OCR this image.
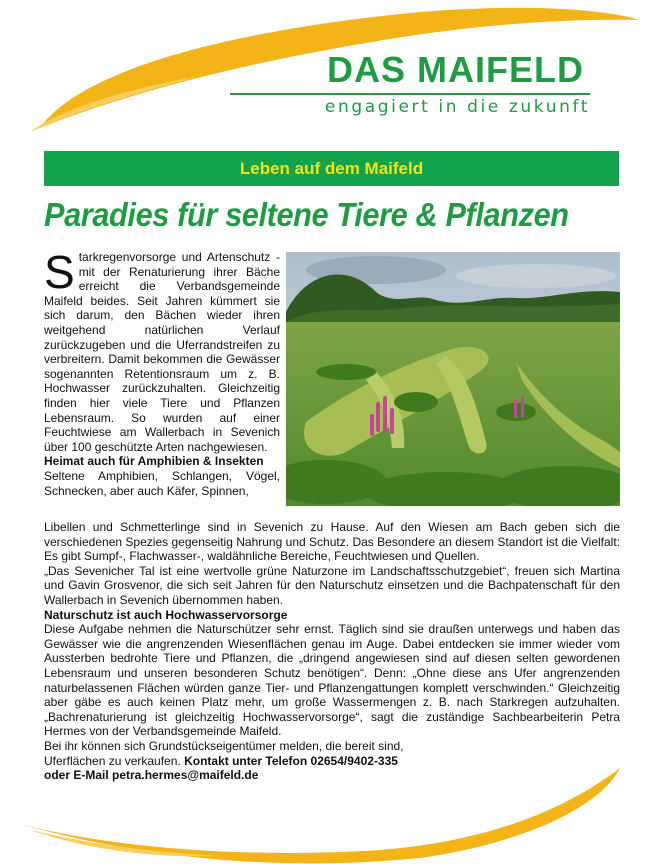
DAS MAIFELD
engagiert in die zukunft
Leben auf dem Maifeld
Paradies für seltene Tiere & Pflanzen
S tarkregenvorsorge und Artenschutz - mit der Renaturierung ihrer Bäche erreicht die Verbandsgemeinde Maifeld beides. Seit Jahren kümmert sie sich darum, den Bächen wieder ihren weitgehend natürlichen Verlauf zurückzugeben und die Uferrandstreifen zu verbreitern. Damit bekommen die Gewässer sogenannten Retentionsraum um z. B. Hochwasser zurückzuhalten. Gleichzeitig finden hier viele Tiere und Pflanzen Lebensraum. So wurden auf einer Feuchtwiese am Wallerbach in Sevenich über 100 geschützte Arten nachgewiesen.
Heimat auch für Amphibien & Insekten
Seltene Amphibien, Schlangen, Vögel, Schnecken, aber auch Käfer, Spinnen,
Libellen und Schmetterlinge sind in Sevenich zu Hause. Auf den Wiesen am Bach geben sich die verschiedenen Spezies gegenseitig Nahrung und Schutz. Das Besondere an diesem Standort ist die Vielfalt: Es gibt Sumpf-, Flachwasser-, waldähnliche Bereiche, Feuchtwiesen und Quellen.
„Das Sevenicher Tal ist eine wertvolle grüne Naturzone im Landschaftsschutzgebiet“, freuen sich Martina und Gavin Grosvenor, die sich seit Jahren für den Naturschutz einsetzen und die Bachpatenschaft für den Wallerbach in Sevenich übernommen haben.
Naturschutz ist auch Hochwasservorsorge
Diese Aufgabe nehmen die Naturschützer sehr ernst. Täglich sind sie draußen unterwegs und haben das Gewässer wie die angrenzenden Wiesenflächen genau im Auge. Dabei entdecken sie immer wieder vom Aussterben bedrohte Tiere und Pflanzen, die „dringend angewiesen sind auf diesen selten gewordenen Lebensraum und unseren besonderen Schutz benötigen“. Denn: „Ohne diese ans Ufer angrenzenden naturbelassenen Flächen würden ganze Tier- und Pflanzengattungen komplett verschwinden.“ Gleichzeitig aber gäbe es auch keinen Platz mehr, um große Wassermengen z. B. nach Starkregen aufzuhalten. „Bachrenaturierung ist gleichzeitig Hochwasservorsorge“, sagt die zuständige Sachbearbeiterin Petra Hermes von der Verbandsgemeinde Maifeld.
Bei ihr können sich Grundstückseigentümer melden, die bereit sind,
Uferflächen zu verkaufen. Kontakt unter Telefon 02654/9402-335
oder E-Mail petra.hermes@maifeld.de
